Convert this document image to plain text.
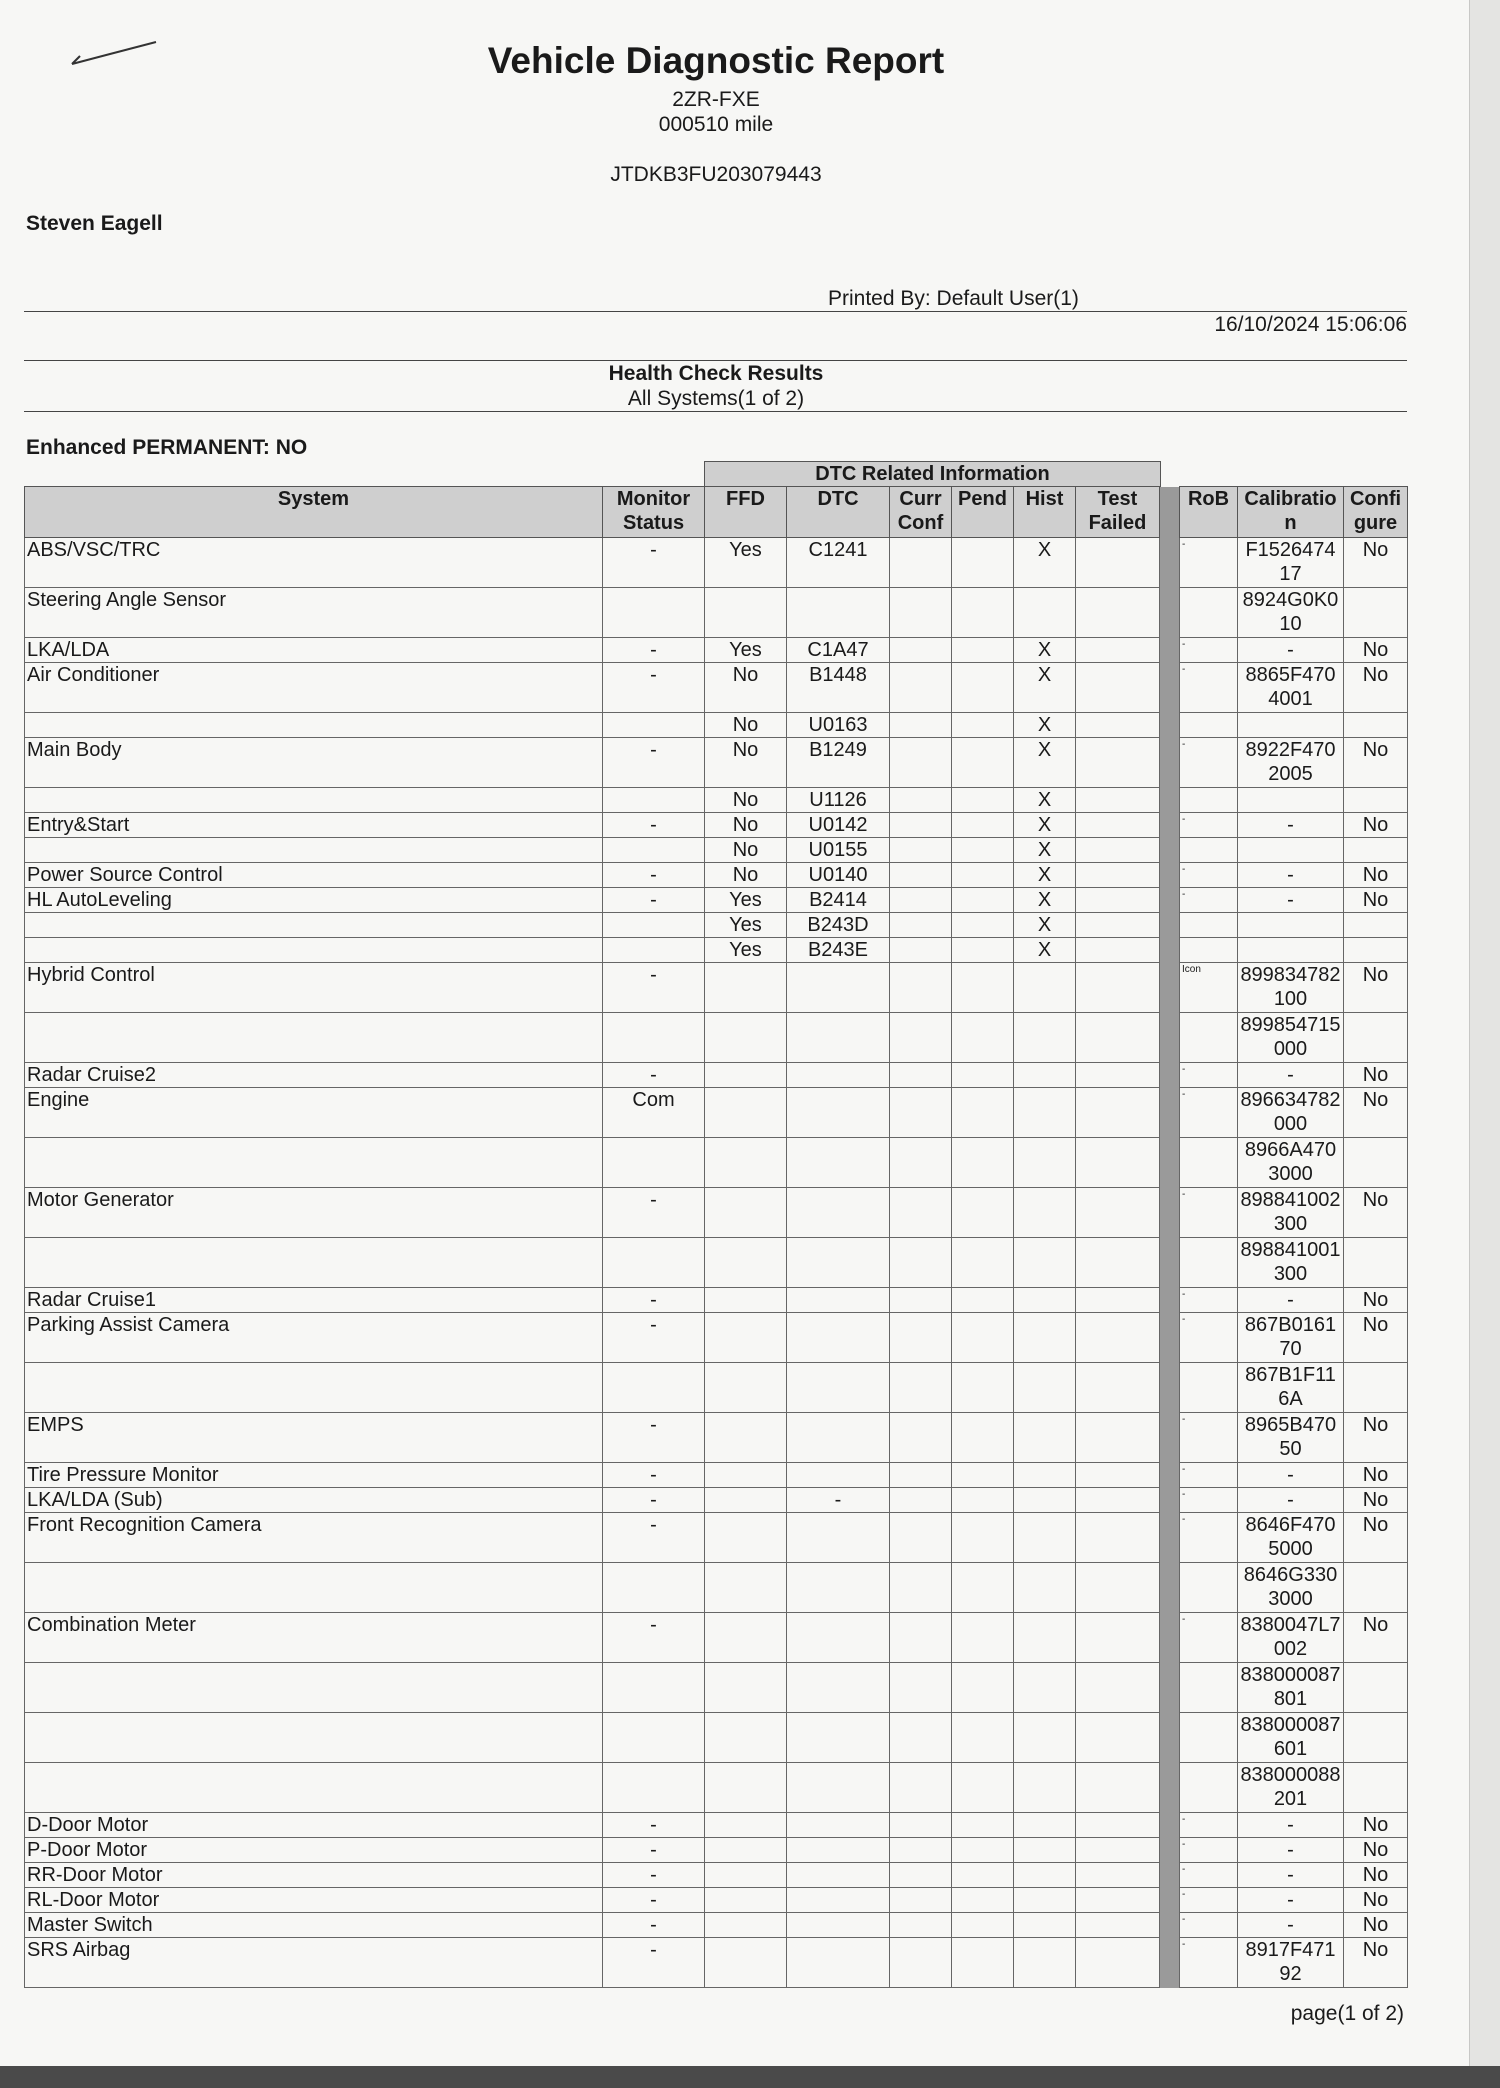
Vehicle Diagnostic Report
2ZR-FXE
000510 mile
JTDKB3FU203079443
Steven Eagell
Printed By: Default User(1)
16/10/2024 15:06:06
Health Check Results
All Systems(1 of 2)
Enhanced PERMANENT: NO
DTC Related Information
System	Monitor Status	FFD	DTC	Curr Conf	Pend	Hist	Test Failed		RoB	Calibration	Configure
ABS/VSC/TRC	-	Yes	C1241			X			-	F152647417	No
Steering Angle Sensor										8924G0K010	
LKA/LDA	-	Yes	C1A47			X			-	-	No
Air Conditioner	-	No	B1448			X			-	8865F4704001	No
		No	U0163			X					
Main Body	-	No	B1249			X			-	8922F4702005	No
		No	U1126			X					
Entry&Start	-	No	U0142			X			-	-	No
		No	U0155			X					
Power Source Control	-	No	U0140			X			-	-	No
HL AutoLeveling	-	Yes	B2414			X			-	-	No
		Yes	B243D			X					
		Yes	B243E			X					
Hybrid Control	-								Icon	899834782100	No
										899854715000	
Radar Cruise2	-								-	-	No
Engine	Com								-	896634782000	No
										8966A4703000	
Motor Generator	-								-	898841002300	No
										898841001300	
Radar Cruise1	-								-	-	No
Parking Assist Camera	-								-	867B016170	No
										867B1F116A	
EMPS	-								-	8965B47050	No
Tire Pressure Monitor	-								-	-	No
LKA/LDA (Sub)	-		-						-	-	No
Front Recognition Camera	-								-	8646F4705000	No
										8646G3303000	
Combination Meter	-								-	8380047L7002	No
										838000087801	
										838000087601	
										838000088201	
D-Door Motor	-								-	-	No
P-Door Motor	-								-	-	No
RR-Door Motor	-								-	-	No
RL-Door Motor	-								-	-	No
Master Switch	-								-	-	No
SRS Airbag	-								-	8917F47192	No
page(1 of 2)
